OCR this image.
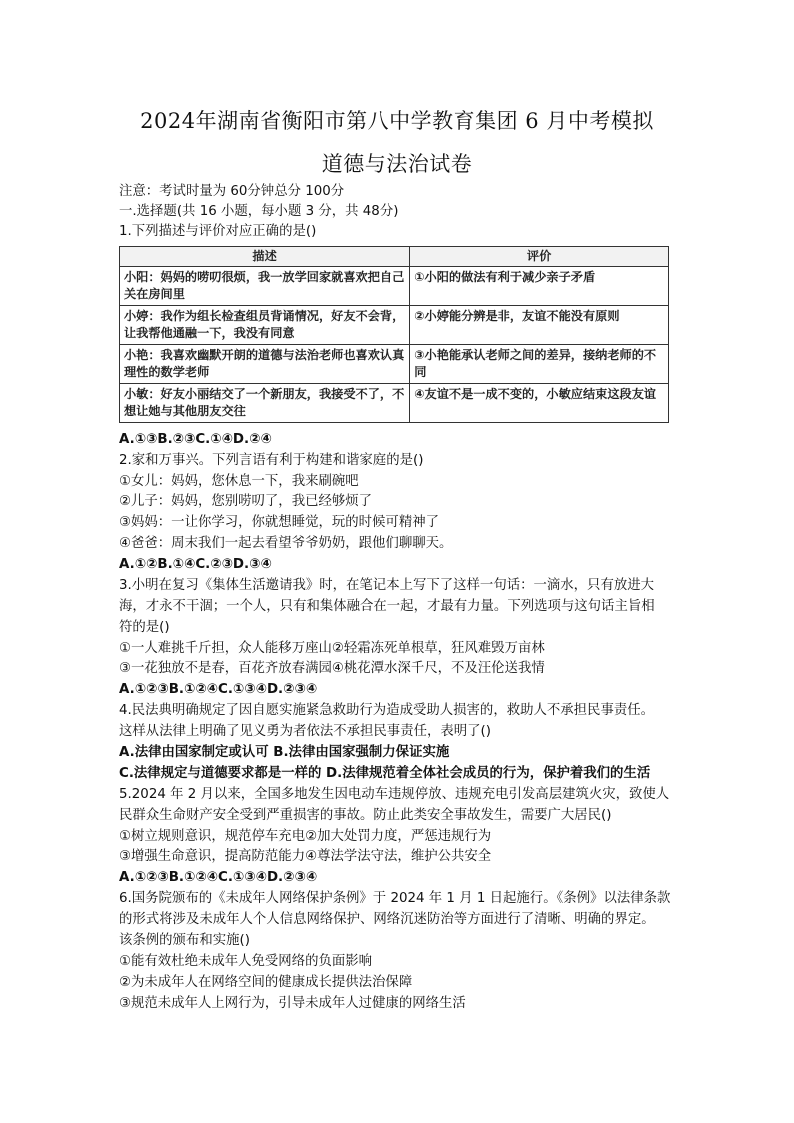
2024年湖南省衡阳市第八中学教育集团 6 月中考模拟
道德与法治试卷
注意：考试时量为 60分钟总分 100分
一.选择题(共 16 小题，每小题 3 分，共 48分)
1.下列描述与评价对应正确的是()
描述	评价
小阳：妈妈的唠叨很烦，我一放学回家就喜欢把自己
关在房间里	①小阳的做法有利于减少亲子矛盾
小婷：我作为组长检查组员背诵情况，好友不会背，
让我帮他通融一下，我没有同意	②小婷能分辨是非，友谊不能没有原则
小艳：我喜欢幽默开朗的道德与法治老师也喜欢认真
理性的数学老师	③小艳能承认老师之间的差异，接纳老师的不同
小敏：好友小丽结交了一个新朋友，我接受不了，不
想让她与其他朋友交往	④友谊不是一成不变的，小敏应结束这段友谊
A.①③B.②③C.①④D.②④
2.家和万事兴。下列言语有利于构建和谐家庭的是()
①女儿：妈妈，您休息一下，我来刷碗吧
②儿子：妈妈，您别唠叨了，我已经够烦了
③妈妈：一让你学习，你就想睡觉，玩的时候可精神了
④爸爸：周末我们一起去看望爷爷奶奶，跟他们聊聊天。
A.①②B.①④C.②③D.③④
3.小明在复习《集体生活邀请我》时，在笔记本上写下了这样一句话：一滴水，只有放进大
海，才永不干涸；一个人，只有和集体融合在一起，才最有力量。下列选项与这句话主旨相
符的是()
①一人难挑千斤担，众人能移万座山②轻霜冻死单根草，狂风难毁万亩林
③一花独放不是春，百花齐放春满园④桃花潭水深千尺，不及汪伦送我情
A.①②③B.①②④C.①③④D.②③④
4.民法典明确规定了因自愿实施紧急救助行为造成受助人损害的，救助人不承担民事责任。
这样从法律上明确了见义勇为者依法不承担民事责任，表明了()
A.法律由国家制定或认可 B.法律由国家强制力保证实施
C.法律规定与道德要求都是一样的 D.法律规范着全体社会成员的行为，保护着我们的生活
5.2024 年 2 月以来，全国多地发生因电动车违规停放、违规充电引发高层建筑火灾，致使人
民群众生命财产安全受到严重损害的事故。防止此类安全事故发生，需要广大居民()
①树立规则意识，规范停车充电②加大处罚力度，严惩违规行为
③增强生命意识，提高防范能力④尊法学法守法，维护公共安全
A.①②③B.①②④C.①③④D.②③④
6.国务院颁布的《未成年人网络保护条例》于 2024 年 1 月 1 日起施行。《条例》以法律条款
的形式将涉及未成年人个人信息网络保护、网络沉迷防治等方面进行了清晰、明确的界定。
该条例的颁布和实施()
①能有效杜绝未成年人免受网络的负面影响
②为未成年人在网络空间的健康成长提供法治保障
③规范未成年人上网行为，引导未成年人过健康的网络生活
